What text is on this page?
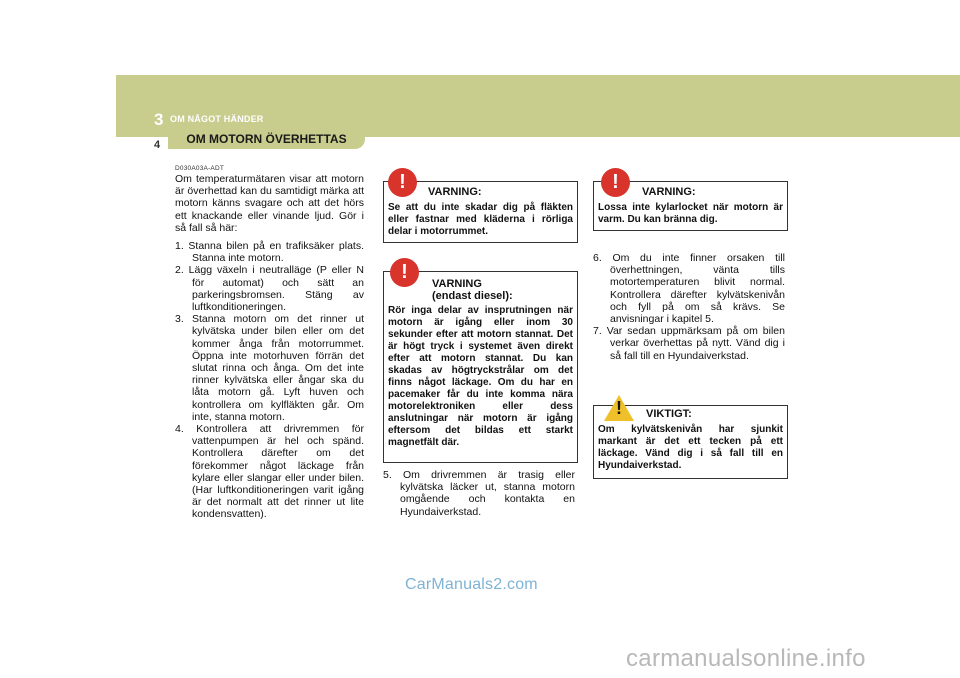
3 OM NÅGOT HÄNDER
4	OM MOTORN ÖVERHETTAS
D030A03A-ADT

Om temperaturmätaren visar att motorn är överhettad kan du samtidigt märka att motorn känns svagare och att det hörs ett knackande eller vinande ljud. Gör i så fall så här:

1. Stanna bilen på en trafiksäker plats. Stanna inte motorn.
2. Lägg växeln i neutralläge (P eller N för automat) och sätt an parkeringsbromsen. Stäng av luftkonditioneringen.
3. Stanna motorn om det rinner ut kylvätska under bilen eller om det kommer ånga från motorrummet. Öppna inte motorhuven förrän det slutat rinna och ånga. Om det inte rinner kylvätska eller ångar ska du låta motorn gå. Lyft huven och kontrollera om kylfläkten går. Om inte, stanna motorn.
4. Kontrollera att drivremmen för vattenpumpen är hel och spänd. Kontrollera därefter om det förekommer något läckage från kylare eller slangar eller under bilen. (Har luftkonditioneringen varit igång är det normalt att det rinner ut lite kondensvatten).
VARNING:

Se att du inte skadar dig på fläkten eller fastnar med kläderna i rörliga delar i motorrummet.

!
VARNING
(endast diesel):

Rör inga delar av insprutningen när motorn är igång eller inom 30 sekunder efter att motorn stannat. Det är högt tryck i systemet även direkt efter att motorn stannat. Du kan skadas av högtryckstrålar om det finns något läckage. Om du har en pacemaker får du inte komma nära motorelektroniken eller dess anslutningar när motorn är igång eftersom det bildas ett starkt magnetfält där.

!

5. Om drivremmen är trasig eller kylvätska läcker ut, stanna motorn omgående och kontakta en Hyundaiverkstad.

VARNING:

Lossa inte kylarlocket när motorn är varm. Du kan bränna dig.

!

6. Om du inte finner orsaken till överhettningen, vänta tills motortemperaturen blivit normal. Kontrollera därefter kylvätskenivån och fyll på om så krävs. Se anvisningar i kapitel 5.

7. Var sedan uppmärksam på om bilen verkar överhettas på nytt. Vänd dig i så fall till en Hyundaiverkstad.

VIKTIGT:

Om kylvätskenivån har sjunkit markant är det ett tecken på ett läckage. Vänd dig i så fall till en Hyundaiverkstad.

!
CarManuals2.com
carmanualsonline.info
